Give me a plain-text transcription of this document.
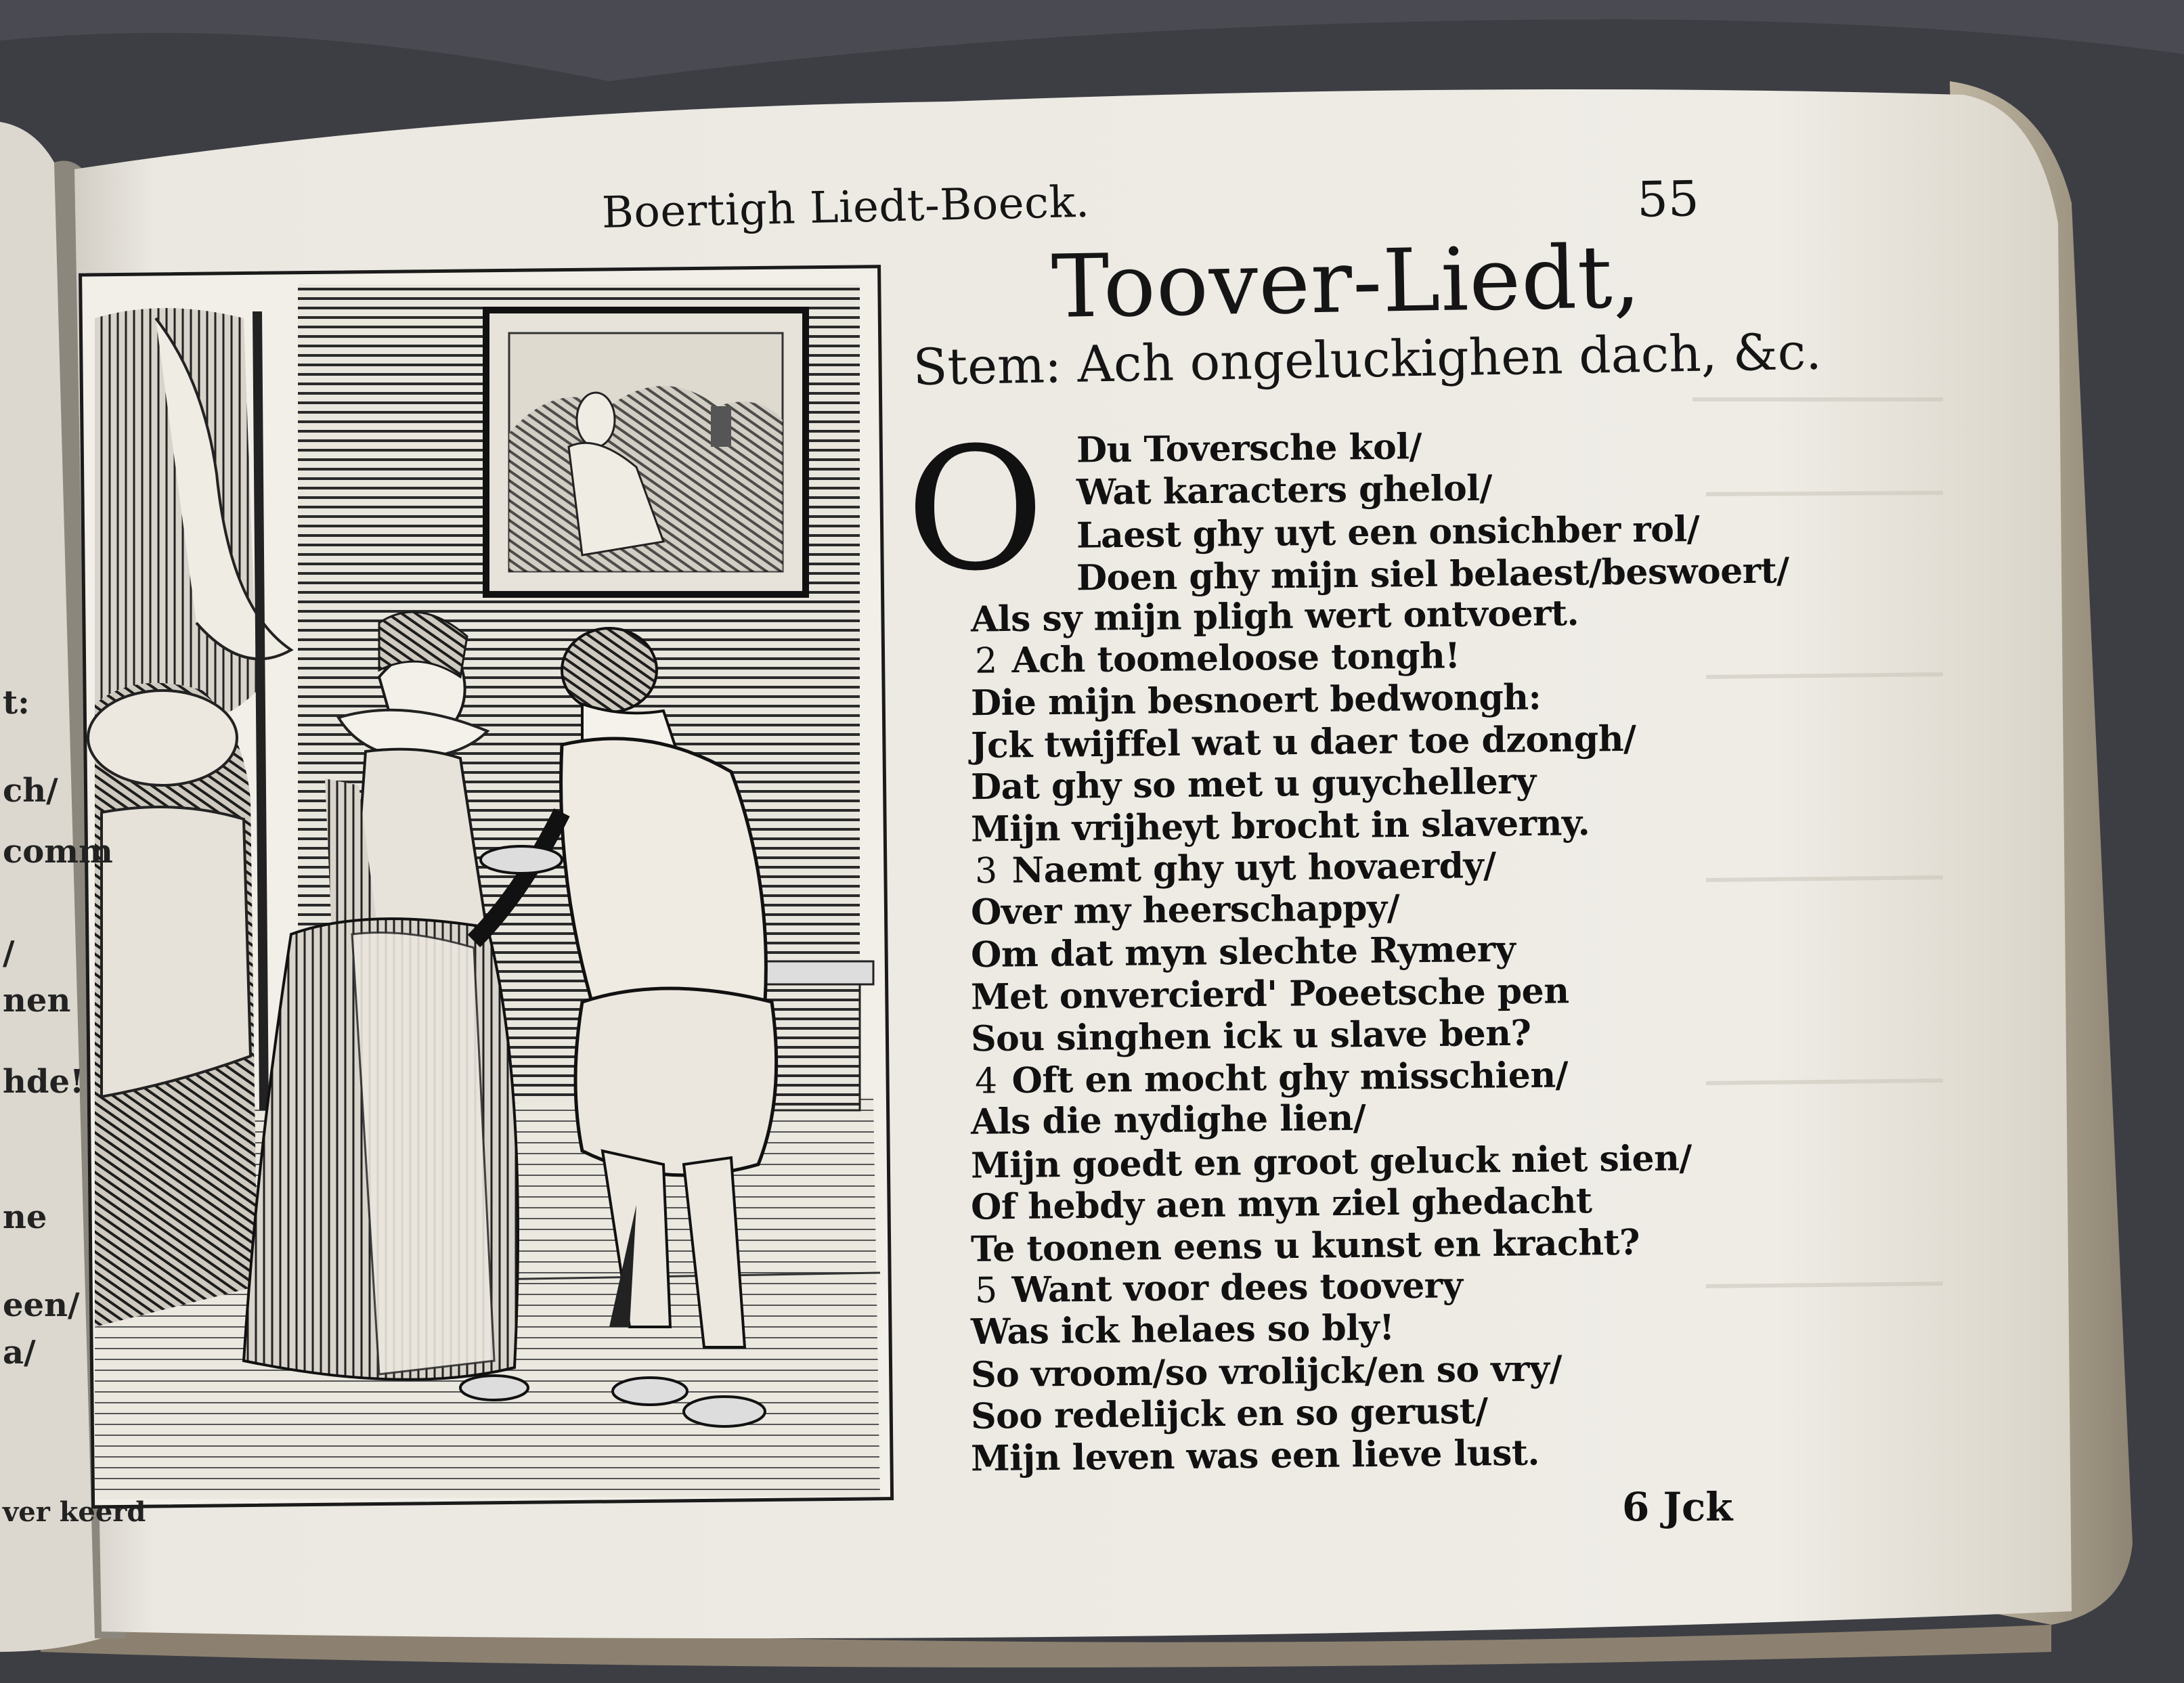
Boertigh Liedt-Boeck.	55
Toover-Liedt,
Stem: Ach ongeluckighen dach, &c.
O Du Toversche kol/
Wat karacters ghelol/
Laest ghy uyt een onsichber rol/
Doen ghy mijn siel belaest/beswoert/
Als sy mijn pligh wert ontvoert.
2 Ach toomeloose tongh!
Die mijn besnoert bedwongh:
Jck twijffel wat u daer toe dzongh/
Dat ghy so met u guychellery
Mijn vrijheyt brocht in slaverny.
3 Naemt ghy uyt hovaerdy/
Over my heerschappy/
Om dat myn slechte Rymery
Met onvercierd' Poeetsche pen
Sou singhen ick u slave ben?
4 Oft en mocht ghy misschien/
Als die nydighe lien/
Mijn goedt en groot geluck niet sien/
Of hebdy aen myn ziel ghedacht
Te toonen eens u kunst en kracht?
5 Want voor dees toovery
Was ick helaes so bly!
So vroom/so vrolijck/en so vry/
Soo redelijck en so gerust/
Mijn leven was een lieve lust.
6 Jck
t:
ch/
comm
/
nen
hde!
ne
een/
a/
ver keerd
